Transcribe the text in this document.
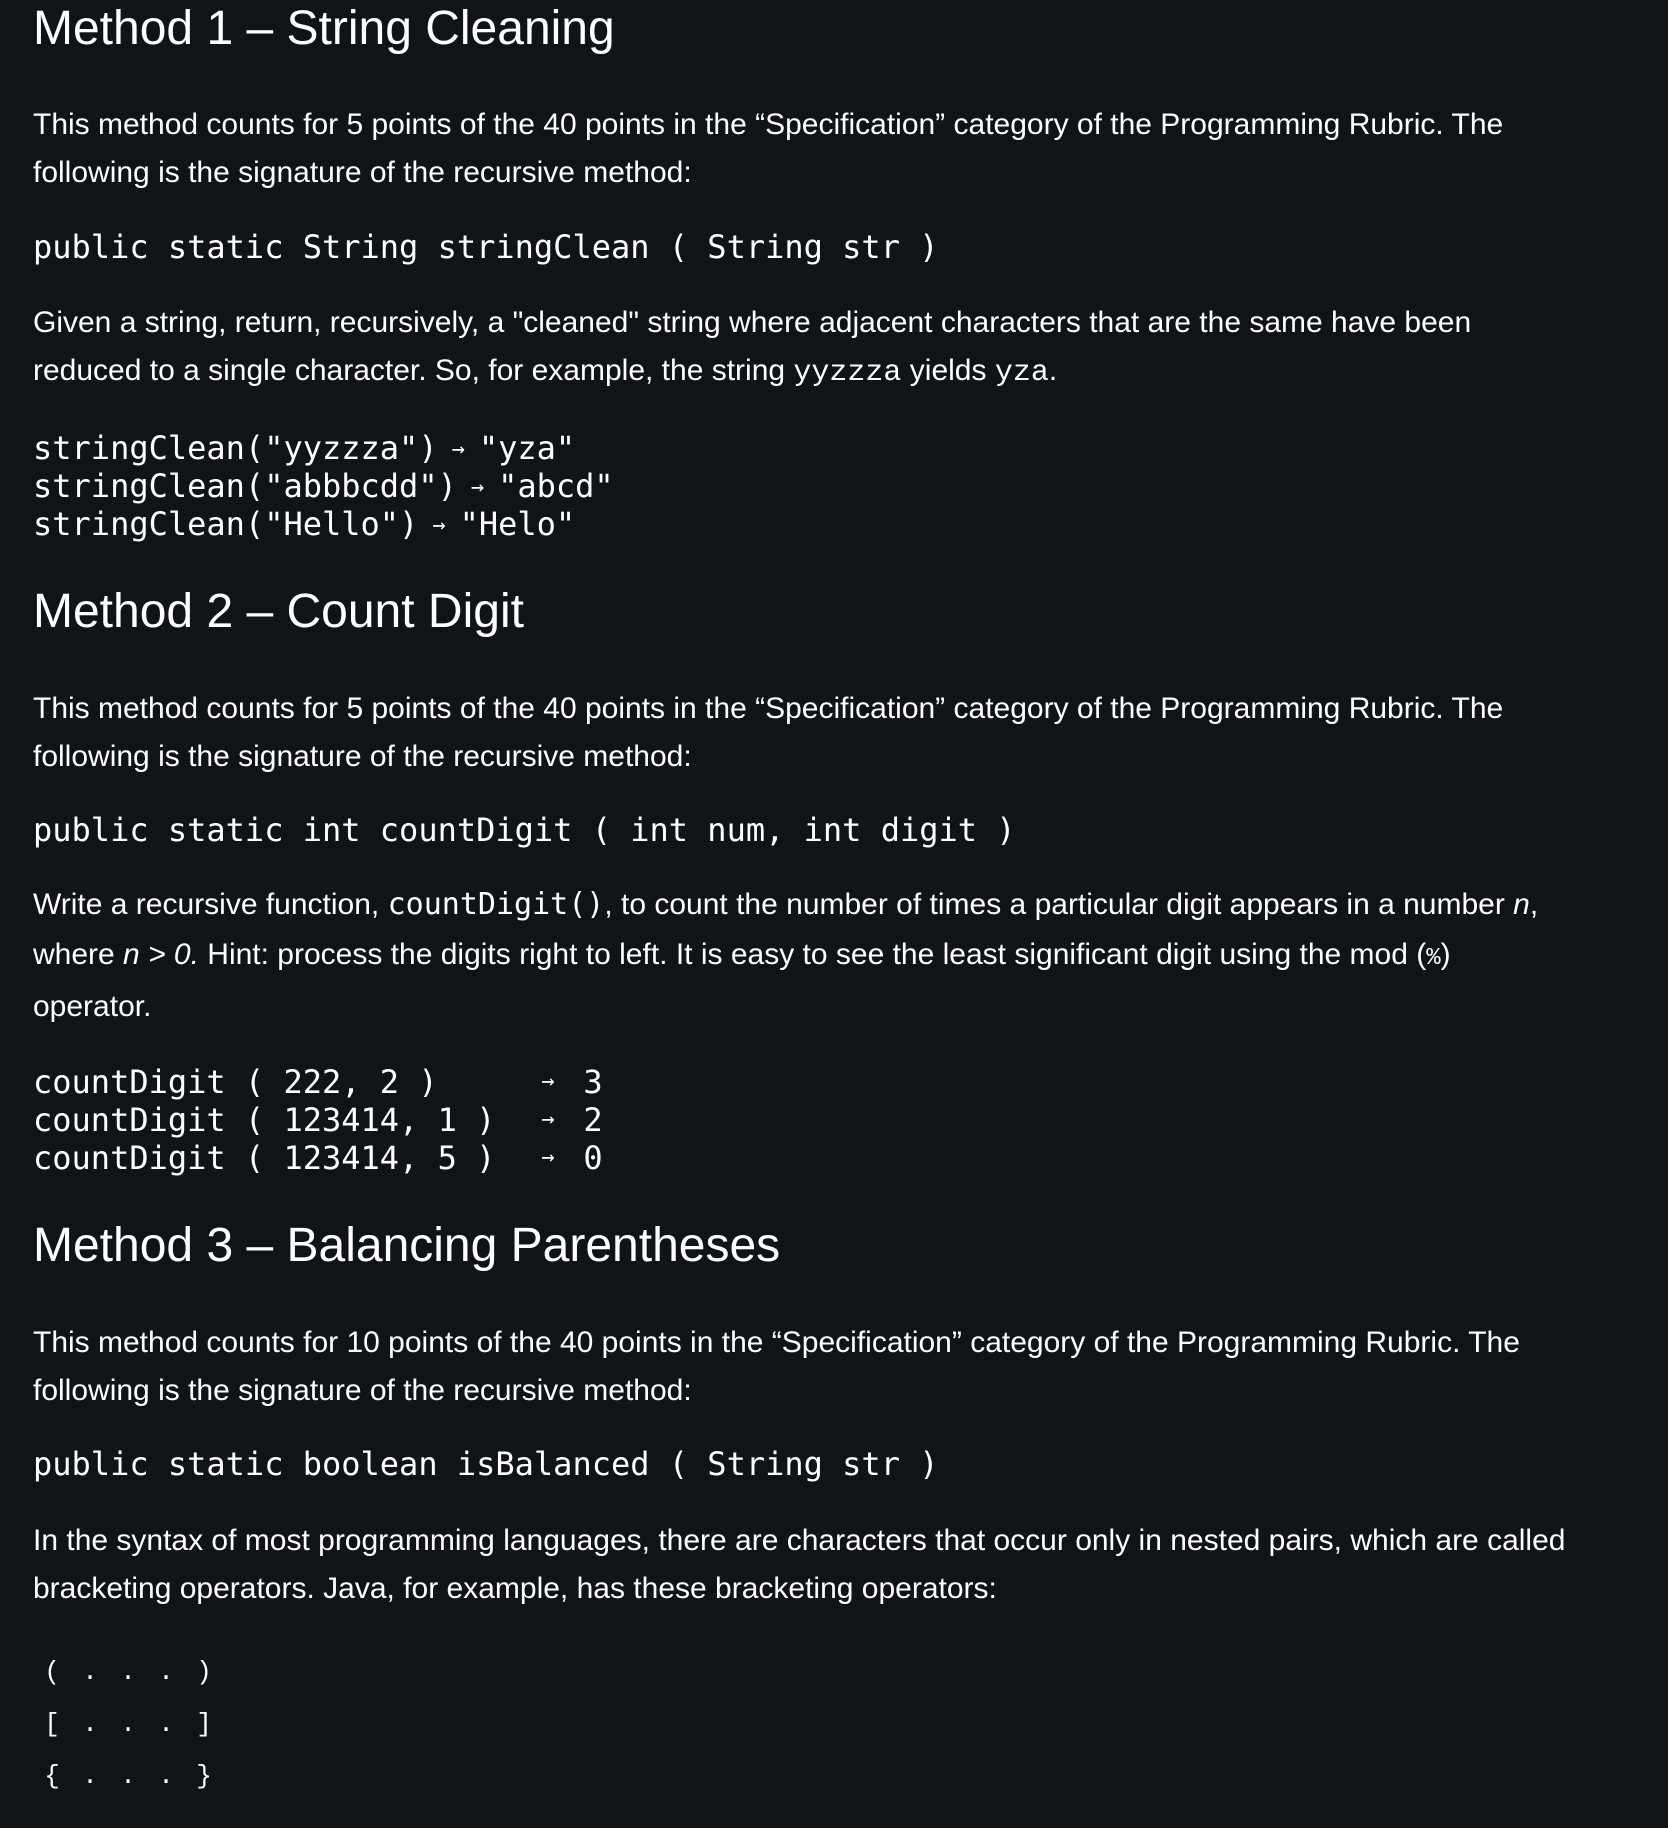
Method 1 – String Cleaning

This method counts for 5 points of the 40 points in the “Specification” category of the Programming Rubric. The

following is the signature of the recursive method:

public static String stringClean ( String str )

Given a string, return, recursively, a "cleaned" string where adjacent characters that are the same have been

reduced to a single character. So, for example, the string yyzzza yields yza.

stringClean("yyzzza") → "yza"
stringClean("abbbcdd") → "abcd"
stringClean("Hello") → "Helo"
Method 2 – Count Digit

This method counts for 5 points of the 40 points in the “Specification” category of the Programming Rubric. The

following is the signature of the recursive method:

public static int countDigit ( int num, int digit )

Write a recursive function, countDigit(), to count the number of times a particular digit appears in a number n,

where n > 0. Hint: process the digits right to left. It is easy to see the least significant digit using the mod (%)

operator.

countDigit ( 222, 2 )	→ 3
countDigit ( 123414, 1 )	→ 2
countDigit ( 123414, 5 )	→ 0
Method 3 – Balancing Parentheses

This method counts for 10 points of the 40 points in the “Specification” category of the Programming Rubric. The

following is the signature of the recursive method:

public static boolean isBalanced ( String str )

In the syntax of most programming languages, there are characters that occur only in nested pairs, which are called

bracketing operators. Java, for example, has these bracketing operators:

( . . . )
[ . . . ]
{ . . . }
